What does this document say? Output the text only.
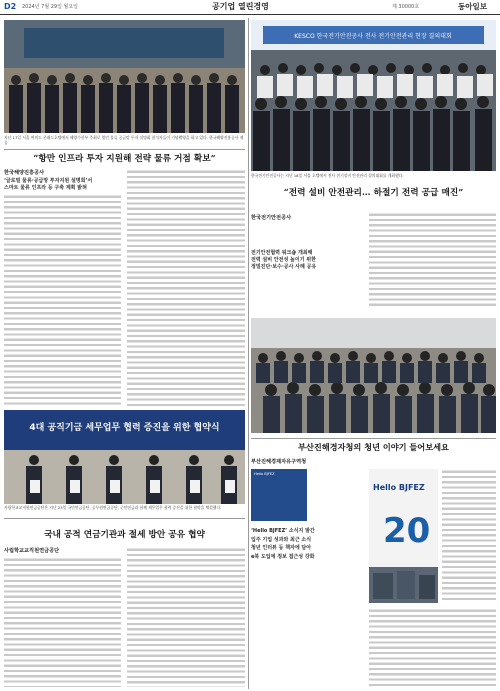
D2 2024년 7월 29일 월요일	공기업 열린경영	제 30000호	동아일보
지난 17일 서울 여의도 콘래드호텔에서 해양수산부 주최로 열린 물류 공급망 투자 설명회 참석자들이 기념촬영을 하고 있다. 한국해양진흥공사 제공
“항만 인프라 투자 지원해 전략 물류 거점 확보”
한국해양진흥공사
‘글로벌 물류·공급망 투자지원 설명회’서
스마트 물류 인프라 등 구축 계획 밝혀
KESCO 한국전기안전공사 전사 전기안전관리 현장 결의대회
한국전기안전공사는 지난 18일 서울 호텔에서 전사 전기설비 안전관리 결의대회를 개최했다.
“전력 설비 안전관리… 하절기 전력 공급 매진”
한국전기안전공사
전기안전협력 워크숍 개최해
전력 설비 안전성 높이기 위한
정밀진단·보수·공사 사례 공유
4대 공직기금 세무업무 협력 증진을 위한 협약식
사립학교교직원연금공단은 지난 23일 국민연금공단, 공무원연금공단, 군인연금과 함께 세무업무 협력 증진을 위한 협약을 체결했다.
국내 공적 연금기관과 절세 방안 공유 협약
사립학교교직원연금공단
부산진해경자청의 청년 이야기 들어보세요
부산진해경제자유구역청
Hello BJFEZ
‘Hello BJFEZ’ 소식지 발간
입주 기업 성과와 최근 소식
청년 인터뷰 등 책자에 담아
e북 도입에 정보 접근성 강화
Hello BJFEZ
20
